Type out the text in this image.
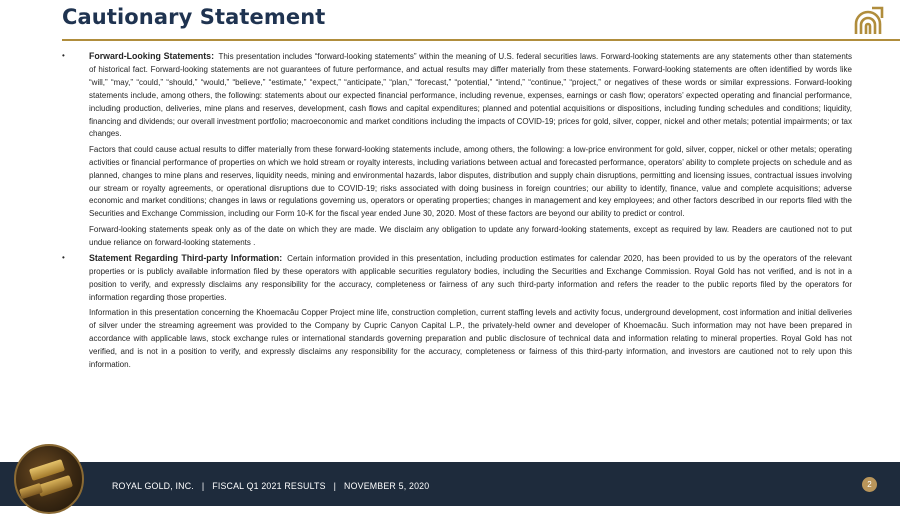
Cautionary Statement
•	Forward-Looking Statements: This presentation includes “forward-looking statements” within the meaning of U.S. federal securities laws. Forward-looking statements are any statements other than statements of historical fact. Forward-looking statements are not guarantees of future performance, and actual results may differ materially from these statements. Forward-looking statements are often identified by words like “will,” “may,” “could,” “should,” “would,” “believe,” “estimate,” “expect,” “anticipate,” “plan,” “forecast,” “potential,” “intend,” “continue,” “project,” or negatives of these words or similar expressions. Forward-looking statements include, among others, the following: statements about our expected financial performance, including revenue, expenses, earnings or cash flow; operators’ expected operating and financial performance, including production, deliveries, mine plans and reserves, development, cash flows and capital expenditures; planned and potential acquisitions or dispositions, including funding schedules and conditions; liquidity, financing and dividends; our overall investment portfolio; macroeconomic and market conditions including the impacts of COVID-19; prices for gold, silver, copper, nickel and other metals; potential impairments; or tax changes.

Factors that could cause actual results to differ materially from these forward-looking statements include, among others, the following: a low-price environment for gold, silver, copper, nickel or other metals; operating activities or financial performance of properties on which we hold stream or royalty interests, including variations between actual and forecasted performance, operators’ ability to complete projects on schedule and as planned, changes to mine plans and reserves, liquidity needs, mining and environmental hazards, labor disputes, distribution and supply chain disruptions, permitting and licensing issues, contractual issues involving our stream or royalty agreements, or operational disruptions due to COVID-19; risks associated with doing business in foreign countries; our ability to identify, finance, value and complete acquisitions; adverse economic and market conditions; changes in laws or regulations governing us, operators or operating properties; changes in management and key employees; and other factors described in our reports filed with the Securities and Exchange Commission, including our Form 10-K for the fiscal year ended June 30, 2020. Most of these factors are beyond our ability to predict or control.

Forward-looking statements speak only as of the date on which they are made. We disclaim any obligation to update any forward-looking statements, except as required by law. Readers are cautioned not to put undue reliance on forward-looking statements .

•	Statement Regarding Third-party Information: Certain information provided in this presentation, including production estimates for calendar 2020, has been provided to us by the operators of the relevant properties or is publicly available information filed by these operators with applicable securities regulatory bodies, including the Securities and Exchange Commission. Royal Gold has not verified, and is not in a position to verify, and expressly disclaims any responsibility for the accuracy, completeness or fairness of any such third-party information and refers the reader to the public reports filed by the operators for information regarding those properties.

Information in this presentation concerning the Khoemacâu Copper Project mine life, construction completion, current staffing levels and activity focus, underground development, cost information and initial deliveries of silver under the streaming agreement was provided to the Company by Cupric Canyon Capital L.P., the privately-held owner and developer of Khoemacâu. Such information may not have been prepared in accordance with applicable laws, stock exchange rules or international standards governing preparation and public disclosure of technical data and information relating to mineral properties. Royal Gold has not verified, and is not in a position to verify, and expressly disclaims any responsibility for the accuracy, completeness or fairness of this third-party information, and investors are cautioned not to rely upon this information.

ROYAL GOLD, INC.   |   FISCAL Q1 2021 RESULTS   |   NOVEMBER 5, 2020	2
